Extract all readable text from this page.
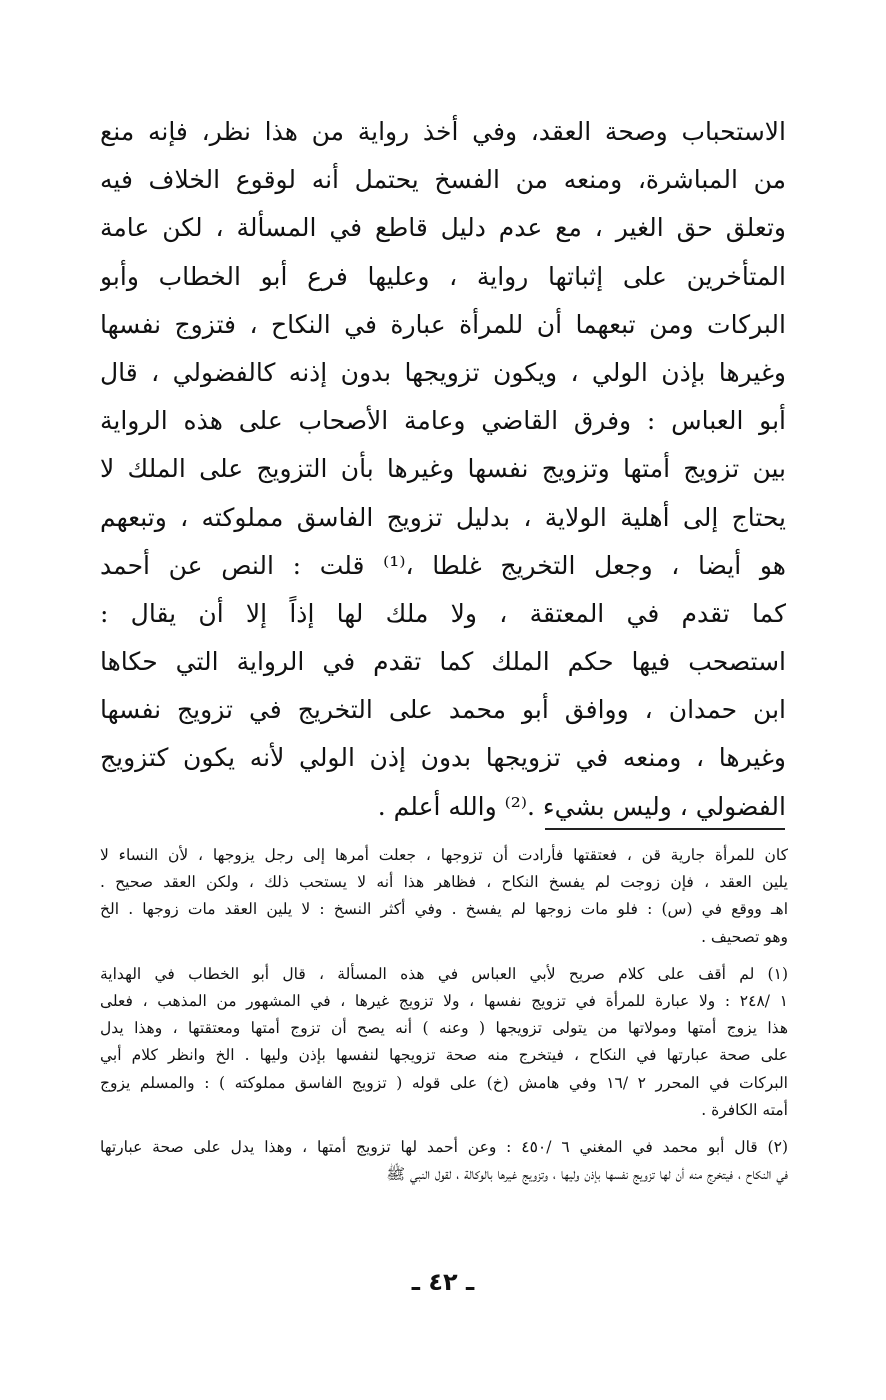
الاستحباب وصحة العقد، وفي أخذ رواية من هذا نظر، فإنه منع
من المباشرة، ومنعه من الفسخ يحتمل أنه لوقوع الخلاف فيه
وتعلق حق الغير ، مع عدم دليل قاطع في المسألة ، لكن عامة
المتأخرين على إثباتها رواية ، وعليها فرع أبو الخطاب وأبو
البركات ومن تبعهما أن للمرأة عبارة في النكاح ، فتزوج نفسها
وغيرها بإذن الولي ، ويكون تزويجها بدون إذنه كالفضولي ، قال
أبو العباس : وفرق القاضي وعامة الأصحاب على هذه الرواية
بين تزويج أمتها وتزويج نفسها وغيرها بأن التزويج على الملك لا
يحتاج إلى أهلية الولاية ، بدليل تزويج الفاسق مملوكته ، وتبعهم
هو أيضا ، وجعل التخريج غلطا ،⁽¹⁾ قلت : النص عن أحمد
كما تقدم في المعتقة ، ولا ملك لها إذاً إلا أن يقال :
استصحب فيها حكم الملك كما تقدم في الرواية التي حكاها
ابن حمدان ، ووافق أبو محمد على التخريج في تزويج نفسها
وغيرها ، ومنعه في تزويجها بدون إذن الولي لأنه يكون كتزويج
الفضولي ، وليس بشيء .⁽²⁾ والله أعلم .
كان للمرأة جارية قن ، فعتقتها فأرادت أن تزوجها ، جعلت أمرها إلى رجل يزوجها ، لأن النساء لا
يلين العقد ، فإن زوجت لم يفسخ النكاح ، فظاهر هذا أنه لا يستحب ذلك ، ولكن العقد صحيح .
اهـ ووقع في (س) : فلو مات زوجها لم يفسخ . وفي أكثر النسخ : لا يلين العقد مات زوجها . الخ
وهو تصحيف .
(١) لم أقف على كلام صريح لأبي العباس في هذه المسألة ، قال أبو الخطاب في الهداية
١ /٢٤٨ : ولا عبارة للمرأة في تزويج نفسها ، ولا تزويج غيرها ، في المشهور من المذهب ، فعلى
هذا يزوج أمتها ومولاتها من يتولى تزويجها ( وعنه ) أنه يصح أن تزوج أمتها ومعتقتها ، وهذا يدل
على صحة عبارتها في النكاح ، فيتخرج منه صحة تزويجها لنفسها بإذن وليها . الخ وانظر كلام أبي
البركات في المحرر ٢ /١٦ وفي هامش (خ) على قوله ( تزويج الفاسق مملوكته ) : والمسلم يزوج
أمته الكافرة .
(٢) قال أبو محمد في المغني ٦ /٤٥٠ : وعن أحمد لها تزويج أمتها ، وهذا يدل على صحة عبارتها
في النكاح ، فيتخرج منه أن لها تزويج نفسها بإذن وليها ، وتزويج غيرها بالوكالة ، لقول النبي ﷺ
ـ ٤٢ ـ
